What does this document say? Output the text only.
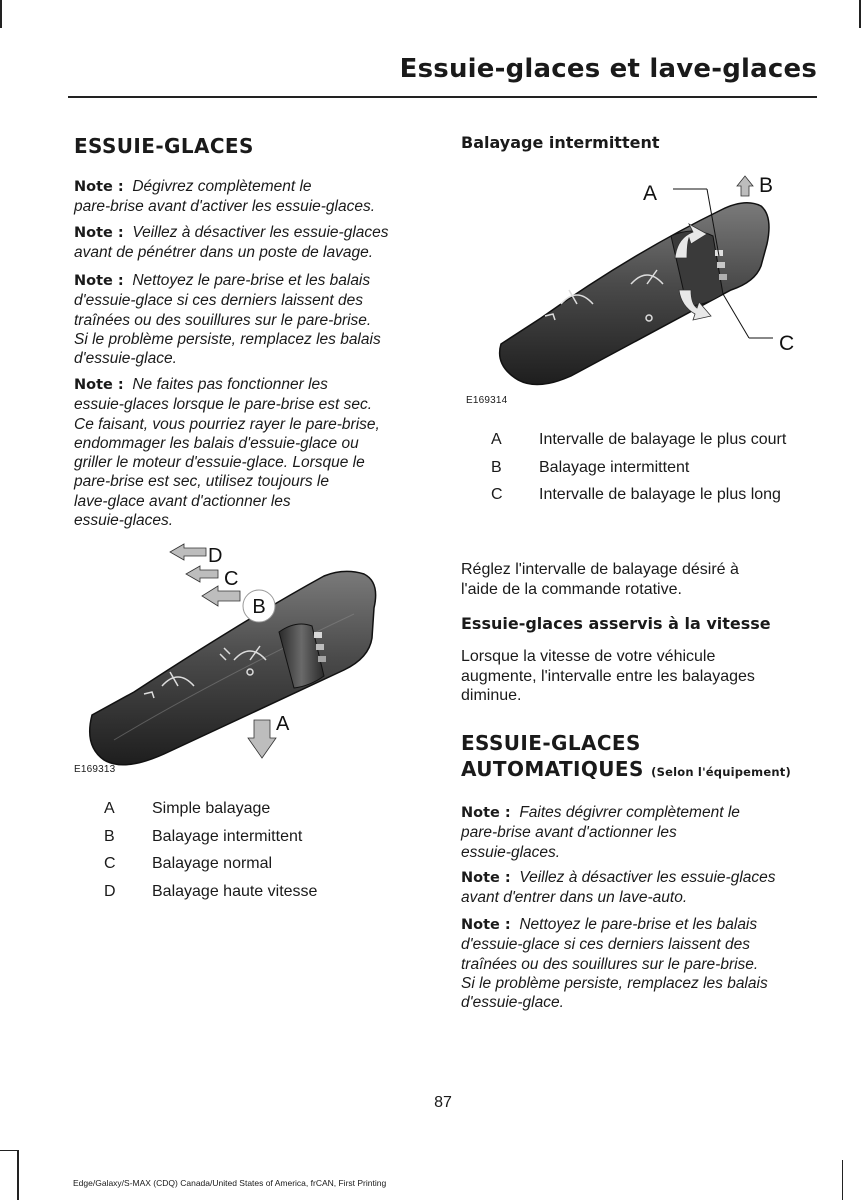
Essuie-glaces et lave-glaces
ESSUIE-GLACES

Note : Dégivrez complètement le
pare-brise avant d'activer les essuie-glaces.

Note : Veillez à désactiver les essuie-glaces
avant de pénétrer dans un poste de lavage.

Note : Nettoyez le pare-brise et les balais
d'essuie-glace si ces derniers laissent des
traînées ou des souillures sur le pare-brise.
Si le problème persiste, remplacez les balais
d'essuie-glace.

Note : Ne faites pas fonctionner les
essuie-glaces lorsque le pare-brise est sec.
Ce faisant, vous pourriez rayer le pare-brise,
endommager les balais d'essuie-glace ou
griller le moteur d'essuie-glace. Lorsque le
pare-brise est sec, utilisez toujours le
lave-glace avant d'actionner les
essuie-glaces.

B
D
C
A
E169313
A	Simple balayage
B	Balayage intermittent
C	Balayage normal
D	Balayage haute vitesse
Balayage intermittent
A	B
C
E169314
A	Intervalle de balayage le plus court
B	Balayage intermittent
C	Intervalle de balayage le plus long

Réglez l'intervalle de balayage désiré à
l'aide de la commande rotative.

Essuie-glaces asservis à la vitesse

Lorsque la vitesse de votre véhicule
augmente, l'intervalle entre les balayages
diminue.

ESSUIE-GLACES
AUTOMATIQUES (Selon l'équipement)

Note : Faites dégivrer complètement le
pare-brise avant d'actionner les
essuie-glaces.

Note : Veillez à désactiver les essuie-glaces
avant d'entrer dans un lave-auto.

Note : Nettoyez le pare-brise et les balais
d'essuie-glace si ces derniers laissent des
traînées ou des souillures sur le pare-brise.
Si le problème persiste, remplacez les balais
d'essuie-glace.

87
Edge/Galaxy/S-MAX (CDQ) Canada/United States of America, frCAN, First Printing
